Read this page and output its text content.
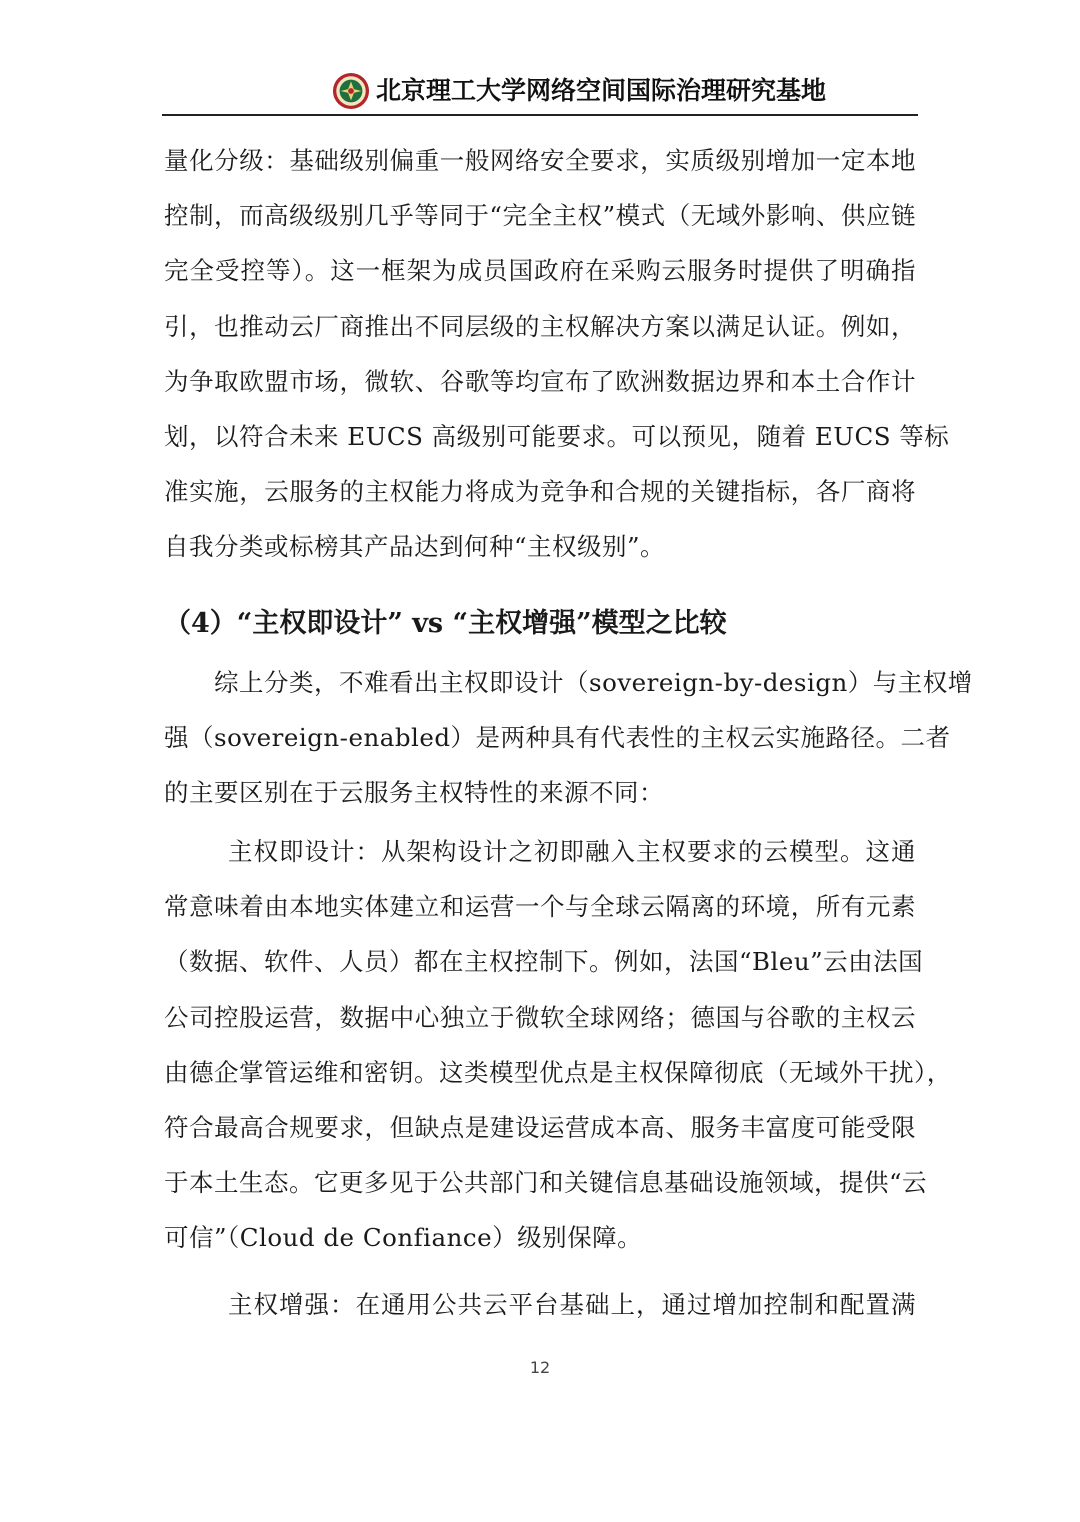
北京理工大学网络空间国际治理研究基地
量化分级：基础级别偏重一般网络安全要求，实质级别增加一定本地
控制，而高级级别几乎等同于“完全主权”模式（无域外影响、供应链
完全受控等）。这一框架为成员国政府在采购云服务时提供了明确指
引，也推动云厂商推出不同层级的主权解决方案以满足认证。例如，
为争取欧盟市场，微软、谷歌等均宣布了欧洲数据边界和本土合作计
划，以符合未来 EUCS 高级别可能要求。可以预见，随着 EUCS 等标
准实施，云服务的主权能力将成为竞争和合规的关键指标，各厂商将
自我分类或标榜其产品达到何种“主权级别”。
（4）“主权即设计” vs “主权增强”模型之比较
综上分类，不难看出主权即设计（sovereign-by-design）与主权增
强（sovereign-enabled）是两种具有代表性的主权云实施路径。二者
的主要区别在于云服务主权特性的来源不同：
主权即设计：从架构设计之初即融入主权要求的云模型。这通
常意味着由本地实体建立和运营一个与全球云隔离的环境，所有元素
（数据、软件、人员）都在主权控制下。例如，法国“Bleu”云由法国
公司控股运营，数据中心独立于微软全球网络；德国与谷歌的主权云
由德企掌管运维和密钥。这类模型优点是主权保障彻底（无域外干扰），
符合最高合规要求，但缺点是建设运营成本高、服务丰富度可能受限
于本土生态。它更多见于公共部门和关键信息基础设施领域，提供“云
可信”（Cloud de Confiance）级别保障。
主权增强：在通用公共云平台基础上，通过增加控制和配置满
12
